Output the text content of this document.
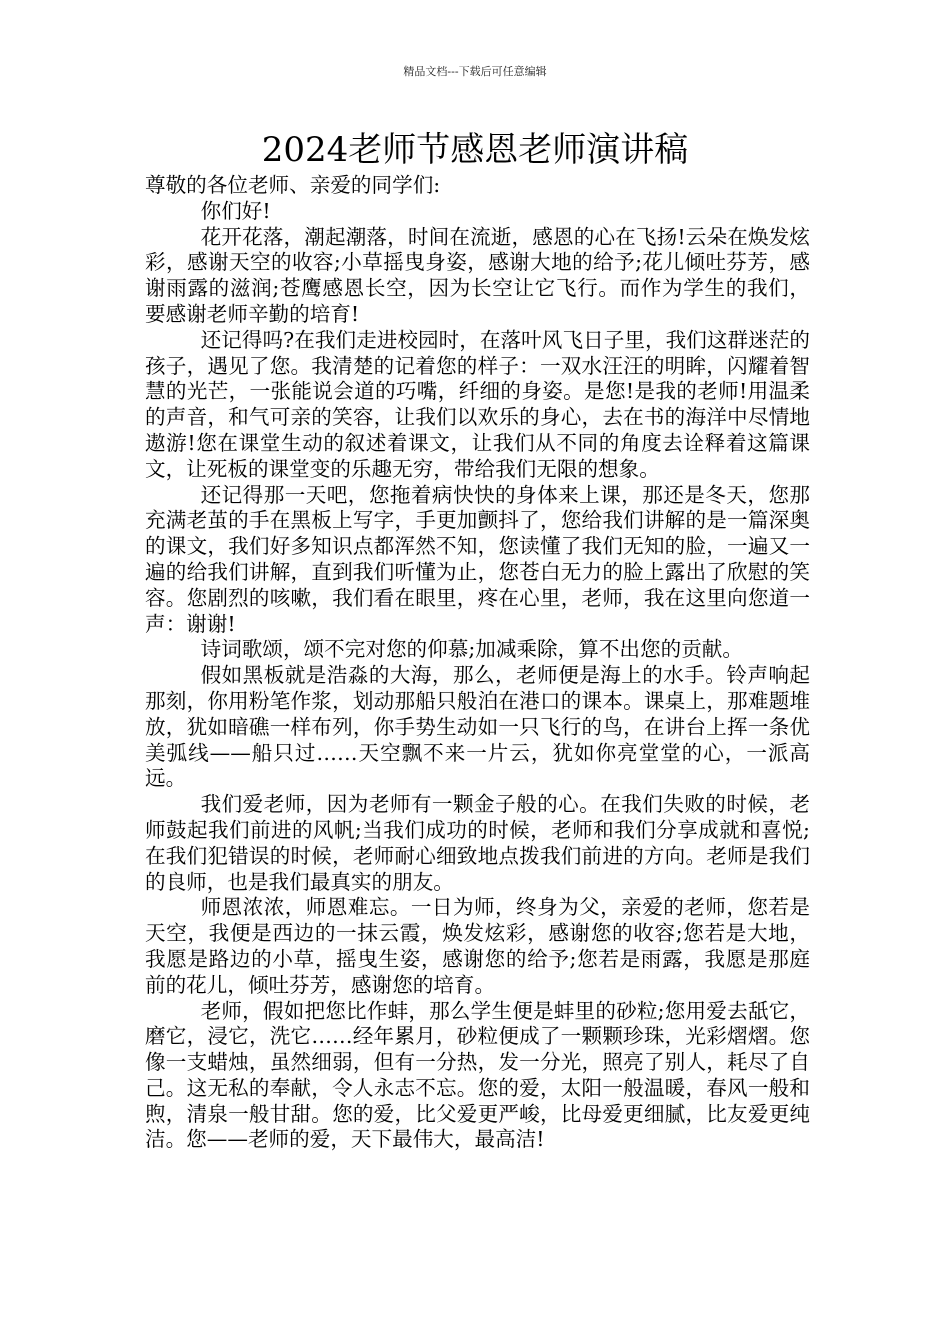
精品文档---下载后可任意编辑
2024老师节感恩老师演讲稿

尊敬的各位老师、亲爱的同学们:

你们好!

花开花落，潮起潮落，时间在流逝，感恩的心在飞扬!云朵在焕发炫彩，感谢天空的收容;小草摇曳身姿，感谢大地的给予;花儿倾吐芬芳，感谢雨露的滋润;苍鹰感恩长空，因为长空让它飞行。而作为学生的我们，要感谢老师辛勤的培育!

还记得吗?在我们走进校园时，在落叶风飞日子里，我们这群迷茫的孩子，遇见了您。我清楚的记着您的样子：一双水汪汪的明眸，闪耀着智慧的光芒，一张能说会道的巧嘴，纤细的身姿。是您!是我的老师!用温柔的声音，和气可亲的笑容，让我们以欢乐的身心，去在书的海洋中尽情地遨游!您在课堂生动的叙述着课文，让我们从不同的角度去诠释着这篇课文，让死板的课堂变的乐趣无穷，带给我们无限的想象。

还记得那一天吧，您拖着病快快的身体来上课，那还是冬天，您那充满老茧的手在黑板上写字，手更加颤抖了，您给我们讲解的是一篇深奥的课文，我们好多知识点都浑然不知，您读懂了我们无知的脸，一遍又一遍的给我们讲解，直到我们听懂为止，您苍白无力的脸上露出了欣慰的笑容。您剧烈的咳嗽，我们看在眼里，疼在心里，老师，我在这里向您道一声：谢谢!

诗词歌颂，颂不完对您的仰慕;加减乘除，算不出您的贡献。

假如黑板就是浩淼的大海，那么，老师便是海上的水手。铃声响起那刻，你用粉笔作浆，划动那船只般泊在港口的课本。课桌上，那难题堆放，犹如暗礁一样布列，你手势生动如一只飞行的鸟，在讲台上挥一条优美弧线——船只过……天空飘不来一片云，犹如你亮堂堂的心，一派高远。

我们爱老师，因为老师有一颗金子般的心。在我们失败的时候，老师鼓起我们前进的风帆;当我们成功的时候，老师和我们分享成就和喜悦;在我们犯错误的时候，老师耐心细致地点拨我们前进的方向。老师是我们的良师，也是我们最真实的朋友。

师恩浓浓，师恩难忘。一日为师，终身为父，亲爱的老师，您若是天空，我便是西边的一抹云霞，焕发炫彩，感谢您的收容;您若是大地，我愿是路边的小草，摇曳生姿，感谢您的给予;您若是雨露，我愿是那庭前的花儿，倾吐芬芳，感谢您的培育。

老师，假如把您比作蚌，那么学生便是蚌里的砂粒;您用爱去舐它，磨它，浸它，洗它……经年累月，砂粒便成了一颗颗珍珠，光彩熠熠。您像一支蜡烛，虽然细弱，但有一分热，发一分光，照亮了别人，耗尽了自己。这无私的奉献，令人永志不忘。您的爱，太阳一般温暖，春风一般和煦，清泉一般甘甜。您的爱，比父爱更严峻，比母爱更细腻，比友爱更纯洁。您——老师的爱，天下最伟大，最高洁!
